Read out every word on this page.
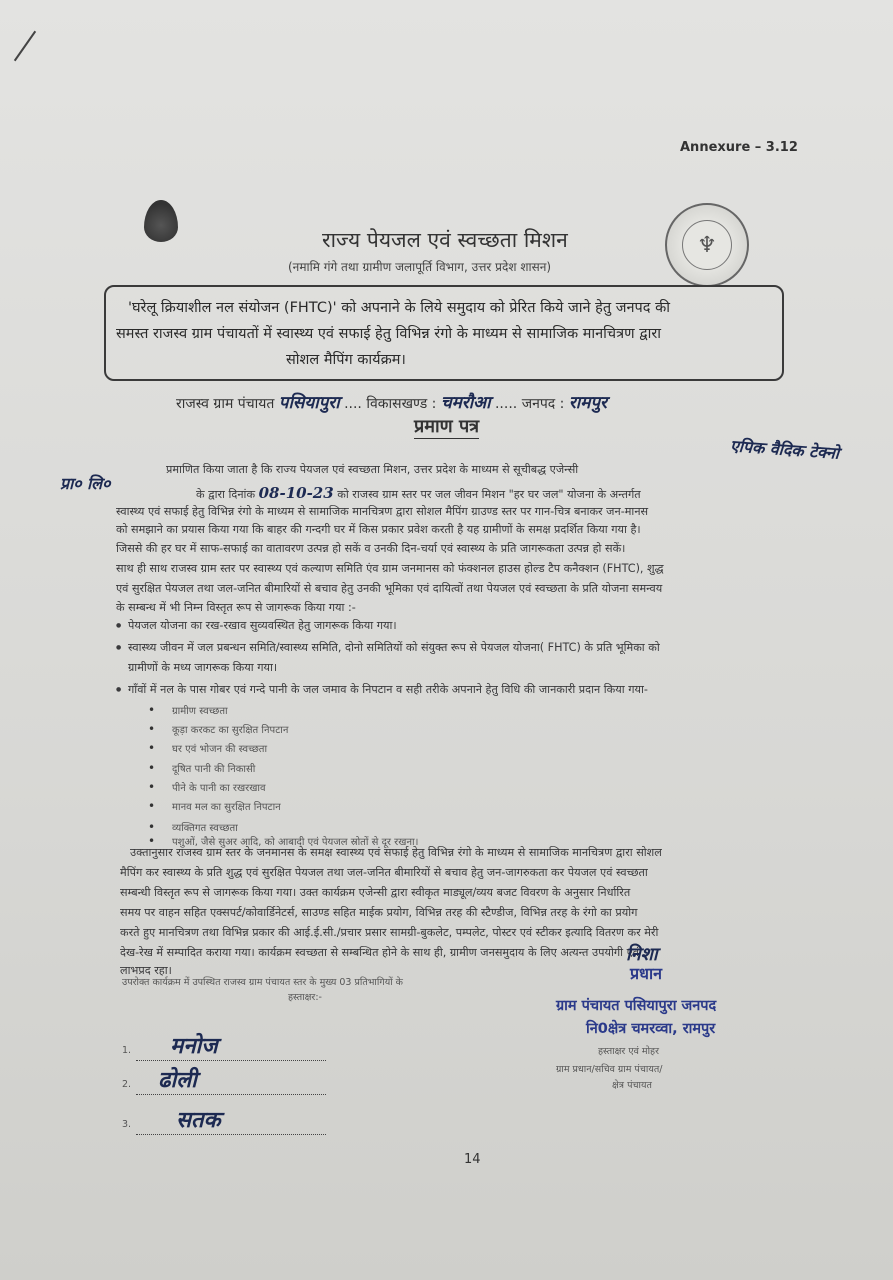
Annexure – 3.12

♆
राज्य पेयजल एवं स्वच्छता मिशन
(नमामि गंगे तथा ग्रामीण जलापूर्ति विभाग, उत्तर प्रदेश शासन)

'घरेलू क्रियाशील नल संयोजन (FHTC)' को अपनाने के लिये समुदाय को प्रेरित किये जाने हेतु जनपद की

समस्त राजस्व ग्राम पंचायतों में स्वास्थ्य एवं सफाई हेतु विभिन्न रंगो के माध्यम से सामाजिक मानचित्रण द्वारा

सोशल मैपिंग कार्यक्रम।

राजस्व ग्राम पंचायत पसियापुरा .... विकासखण्ड : चमरौआ ..... जनपद : रामपुर
प्रमाण पत्र
प्रमाणित किया जाता है कि राज्य पेयजल एवं स्वच्छता मिशन, उत्तर प्रदेश के माध्यम से सूचीबद्ध एजेन्सी
एपिक वैदिक टेक्नो
प्रा० लि०
के द्वारा दिनांक 08-10-23 को राजस्व ग्राम स्तर पर जल जीवन मिशन "हर घर जल" योजना के अन्तर्गत
स्वास्थ्य एवं सफाई हेतु विभिन्न रंगो के माध्यम से सामाजिक मानचित्रण द्वारा सोशल मैपिंग ग्राउण्ड स्तर पर गान-चित्र बनाकर जन-मानस
को समझाने का प्रयास किया गया कि बाहर की गन्दगी घर में किस प्रकार प्रवेश करती है यह ग्रामीणों के समक्ष प्रदर्शित किया गया है।
जिससे की हर घर में साफ-सफाई का वातावरण उत्पन्न हो सकें व उनकी दिन-चर्या एवं स्वास्थ्य के प्रति जागरूकता उत्पन्न हो सकें।
साथ ही साथ राजस्व ग्राम स्तर पर स्वास्थ्य एवं कल्याण समिति एंव ग्राम जनमानस को फंक्शनल हाउस होल्ड टैप कनैक्शन (FHTC), शुद्ध
एवं सुरक्षित पेयजल तथा जल-जनित बीमारियों से बचाव हेतु उनकी भूमिका एवं दायित्वों तथा पेयजल एवं स्वच्छता के प्रति योजना समन्वय
के सम्बन्ध में भी निम्न विस्तृत रूप से जागरूक किया गया :-
● पेयजल योजना का रख-रखाव सुव्यवस्थित हेतु जागरूक किया गया।
● स्वास्थ्य जीवन में जल प्रबन्धन समिति/स्वास्थ्य समिति, दोनो समितियों को संयुक्त रूप से पेयजल योजना( FHTC) के प्रति भूमिका को
ग्रामीणों के मध्य जागरूक किया गया।
● गाँवों में नल के पास गोबर एवं गन्दे पानी के जल जमाव के निपटान व सही तरीके अपनाने हेतु विधि की जानकारी प्रदान किया गया-
• ग्रामीण स्वच्छता
• कूड़ा करकट का सुरक्षित निपटान
• घर एवं भोजन की स्वच्छता
• दूषित पानी की निकासी
• पीने के पानी का रखरखाव
• मानव मल का सुरक्षित निपटान
• व्यक्तिगत स्वच्छता
• पशुओं, जैसे सुअर आदि, को आबादी एवं पेयजल स्रोतों से दूर रखना।
उक्तानुसार राजस्व ग्राम स्तर के जनमानस के समक्ष स्वास्थ्य एवं सफाई हेतु विभिन्न रंगो के माध्यम से सामाजिक मानचित्रण द्वारा सोशल
मैपिंग कर स्वास्थ्य के प्रति शुद्ध एवं सुरक्षित पेयजल तथा जल-जनित बीमारियों से बचाव हेतु जन-जागरुकता कर पेयजल एवं स्वच्छता
सम्बन्धी विस्तृत रूप से जागरूक किया गया। उक्त कार्यक्रम एजेन्सी द्वारा स्वीकृत माड्यूल/व्यय बजट विवरण के अनुसार निर्धारित
समय पर वाहन सहित एक्सपर्ट/कोवार्डिनेटर्स, साउण्ड सहित माईक प्रयोग, विभिन्न तरह की स्टैण्डीज, विभिन्न तरह के रंगो का प्रयोग
करते हुए मानचित्रण तथा विभिन्न प्रकार की आई.ई.सी./प्रचार प्रसार सामग्री-बुकलेट, पम्पलेट, पोस्टर एवं स्टीकर इत्यादि वितरण कर मेरी
देख-रेख में सम्पादित कराया गया। कार्यक्रम स्वच्छता से सम्बन्धित होने के साथ ही, ग्रामीण जनसमुदाय के लिए अत्यन्त उपयोगी एवं
लाभप्रद रहा।
उपरोक्त कार्यक्रम में उपस्थित राजस्व ग्राम पंचायत स्तर के मुख्य 03 प्रतिभागियों के
हस्ताक्षर:-
1. मनोज
2. ढोली
3. सतक
निशा
प्रधान
ग्राम पंचायत पसियापुरा जनपद
नि0क्षेत्र चमरव्वा, रामपुर
हस्ताक्षर एवं मोहर
ग्राम प्रधान/सचिव ग्राम पंचायत/
क्षेत्र पंचायत
14
